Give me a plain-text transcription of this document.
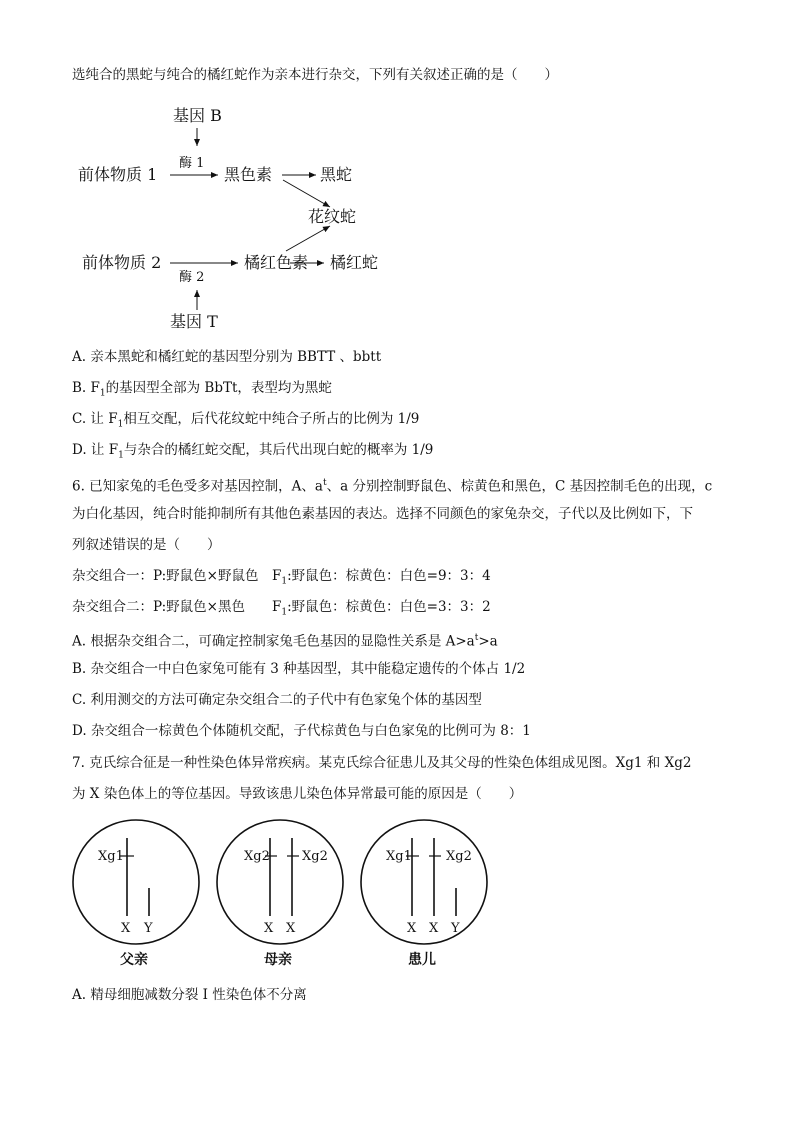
选纯合的黑蛇与纯合的橘红蛇作为亲本进行杂交，下列有关叙述正确的是（　　）
基因 B
前体物质 1
酶 1
黑色素	黑蛇
花纹蛇
前体物质 2
酶 2
橘红色素 橘红蛇
基因 T
A. 亲本黑蛇和橘红蛇的基因型分别为 BBTT 、bbtt
B. $F_1$的基因型全部为 BbTt，表型均为黑蛇
C. 让 $F_1$相互交配，后代花纹蛇中纯合子所占的比例为 1/9
D. 让 $F_1$与杂合的橘红蛇交配，其后代出现白蛇的概率为 1/9
6. 已知家兔的毛色受多对基因控制，A、$a^t$、a 分别控制野鼠色、棕黄色和黑色，C 基因控制毛色的出现，c
为白化基因，纯合时能抑制所有其他色素基因的表达。选择不同颜色的家兔杂交，子代以及比例如下，下
列叙述错误的是（　　）
杂交组合一：P:野鼠色×野鼠色　$F_1$:野鼠色：棕黄色：白色=9：3：4
杂交组合二：P:野鼠色×黑色　　$F_1$:野鼠色：棕黄色：白色=3：3：2
A. 根据杂交组合二，可确定控制家兔毛色基因的显隐性关系是 $A>a^t>a$
B. 杂交组合一中白色家兔可能有 3 种基因型，其中能稳定遗传的个体占 1/2
C. 利用测交的方法可确定杂交组合二的子代中有色家兔个体的基因型
D. 杂交组合一棕黄色个体随机交配，子代棕黄色与白色家兔的比例可为 8：1
7. 克氏综合征是一种性染色体异常疾病。某克氏综合征患儿及其父母的性染色体组成见图。Xg1 和 Xg2
为 X 染色体上的等位基因。导致该患儿染色体异常最可能的原因是（　　）
Xg1
X Y
父亲
Xg2 Xg2
X X
母亲
Xg1	Xg2
X X Y
患儿
A. 精母细胞减数分裂 I 性染色体不分离
